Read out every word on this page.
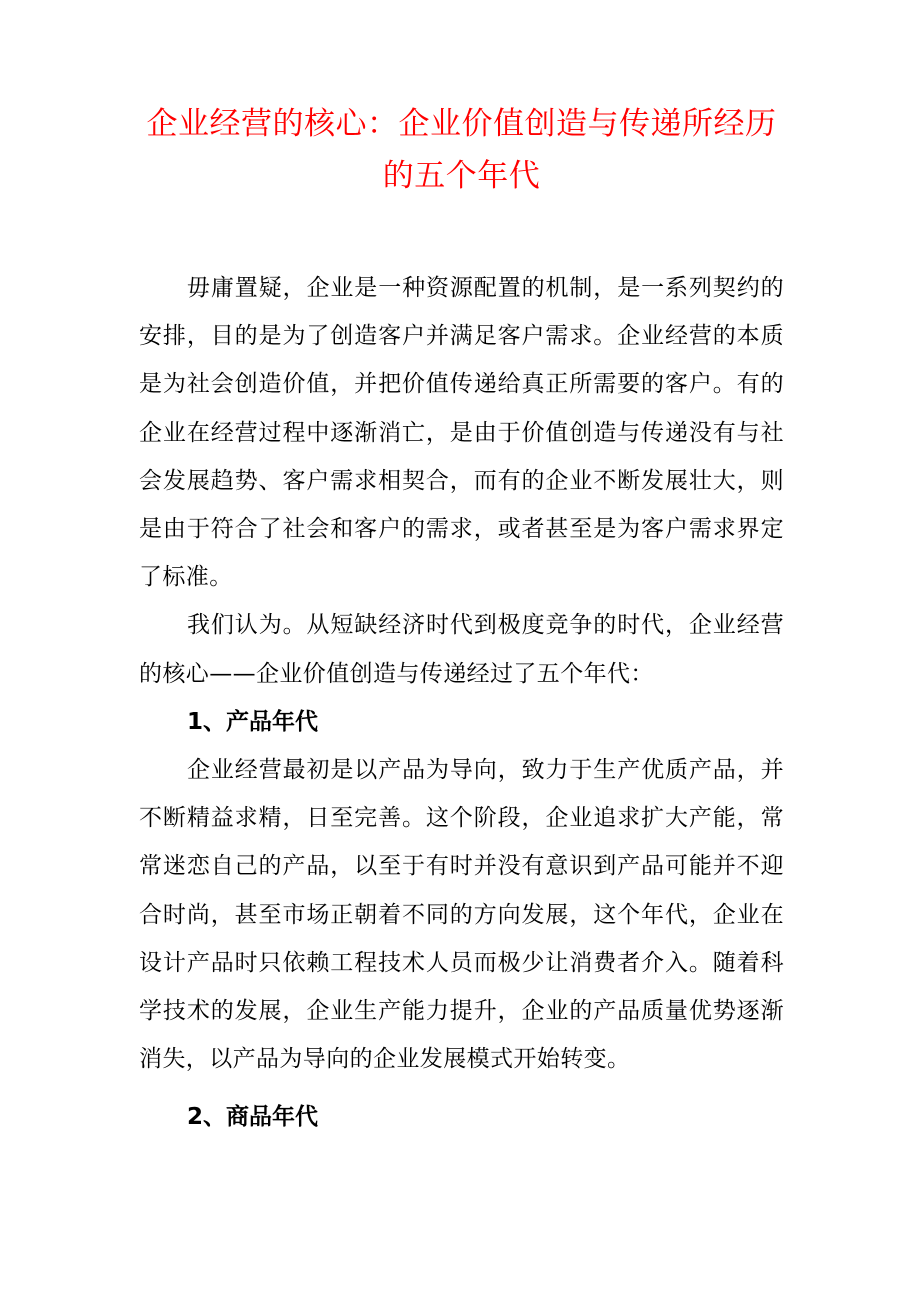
企业经营的核心：企业价值创造与传递所经历的五个年代

毋庸置疑，企业是一种资源配置的机制，是一系列契约的安排，目的是为了创造客户并满足客户需求。企业经营的本质是为社会创造价值，并把价值传递给真正所需要的客户。有的企业在经营过程中逐渐消亡，是由于价值创造与传递没有与社会发展趋势、客户需求相契合，而有的企业不断发展壮大，则是由于符合了社会和客户的需求，或者甚至是为客户需求界定了标准。

我们认为。从短缺经济时代到极度竞争的时代，企业经营的核心——企业价值创造与传递经过了五个年代：

1、产品年代

企业经营最初是以产品为导向，致力于生产优质产品，并不断精益求精，日至完善。这个阶段，企业追求扩大产能，常常迷恋自己的产品，以至于有时并没有意识到产品可能并不迎合时尚，甚至市场正朝着不同的方向发展，这个年代，企业在设计产品时只依赖工程技术人员而极少让消费者介入。随着科学技术的发展，企业生产能力提升，企业的产品质量优势逐渐消失，以产品为导向的企业发展模式开始转变。

2、商品年代
